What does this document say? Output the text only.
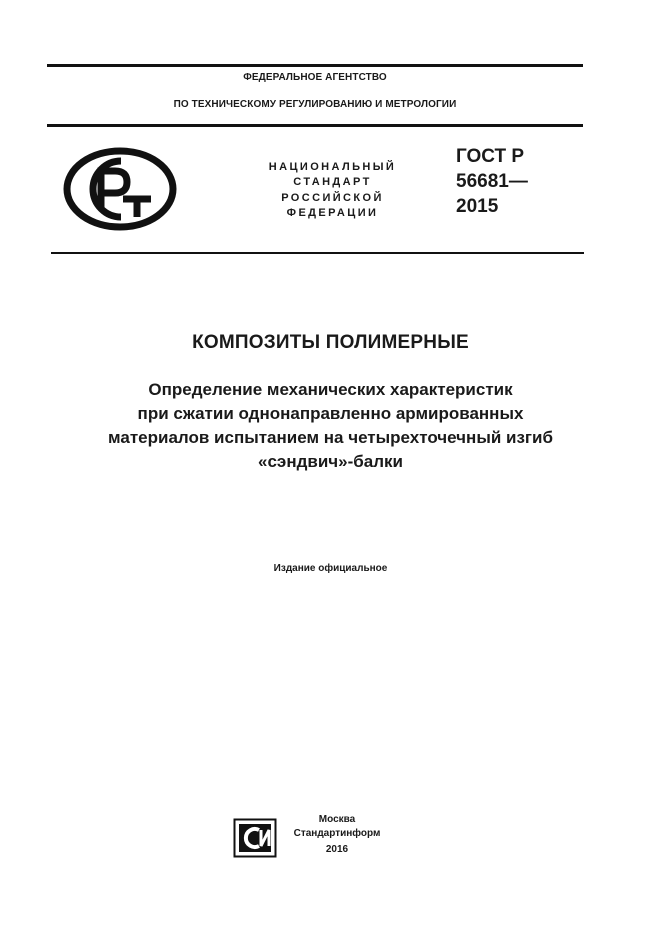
ФЕДЕРАЛЬНОЕ АГЕНТСТВО
ПО ТЕХНИЧЕСКОМУ РЕГУЛИРОВАНИЮ И МЕТРОЛОГИИ
НАЦИОНАЛЬНЫЙ
СТАНДАРТ
РОССИЙСКОЙ
ФЕДЕРАЦИИ
ГОСТ Р
56681—
2015
КОМПОЗИТЫ ПОЛИМЕРНЫЕ
Определение механических характеристик
при сжатии однонаправленно армированных
материалов испытанием на четырехточечный изгиб
«сэндвич»-балки
Издание официальное
Москва
Стандартинформ
2016
